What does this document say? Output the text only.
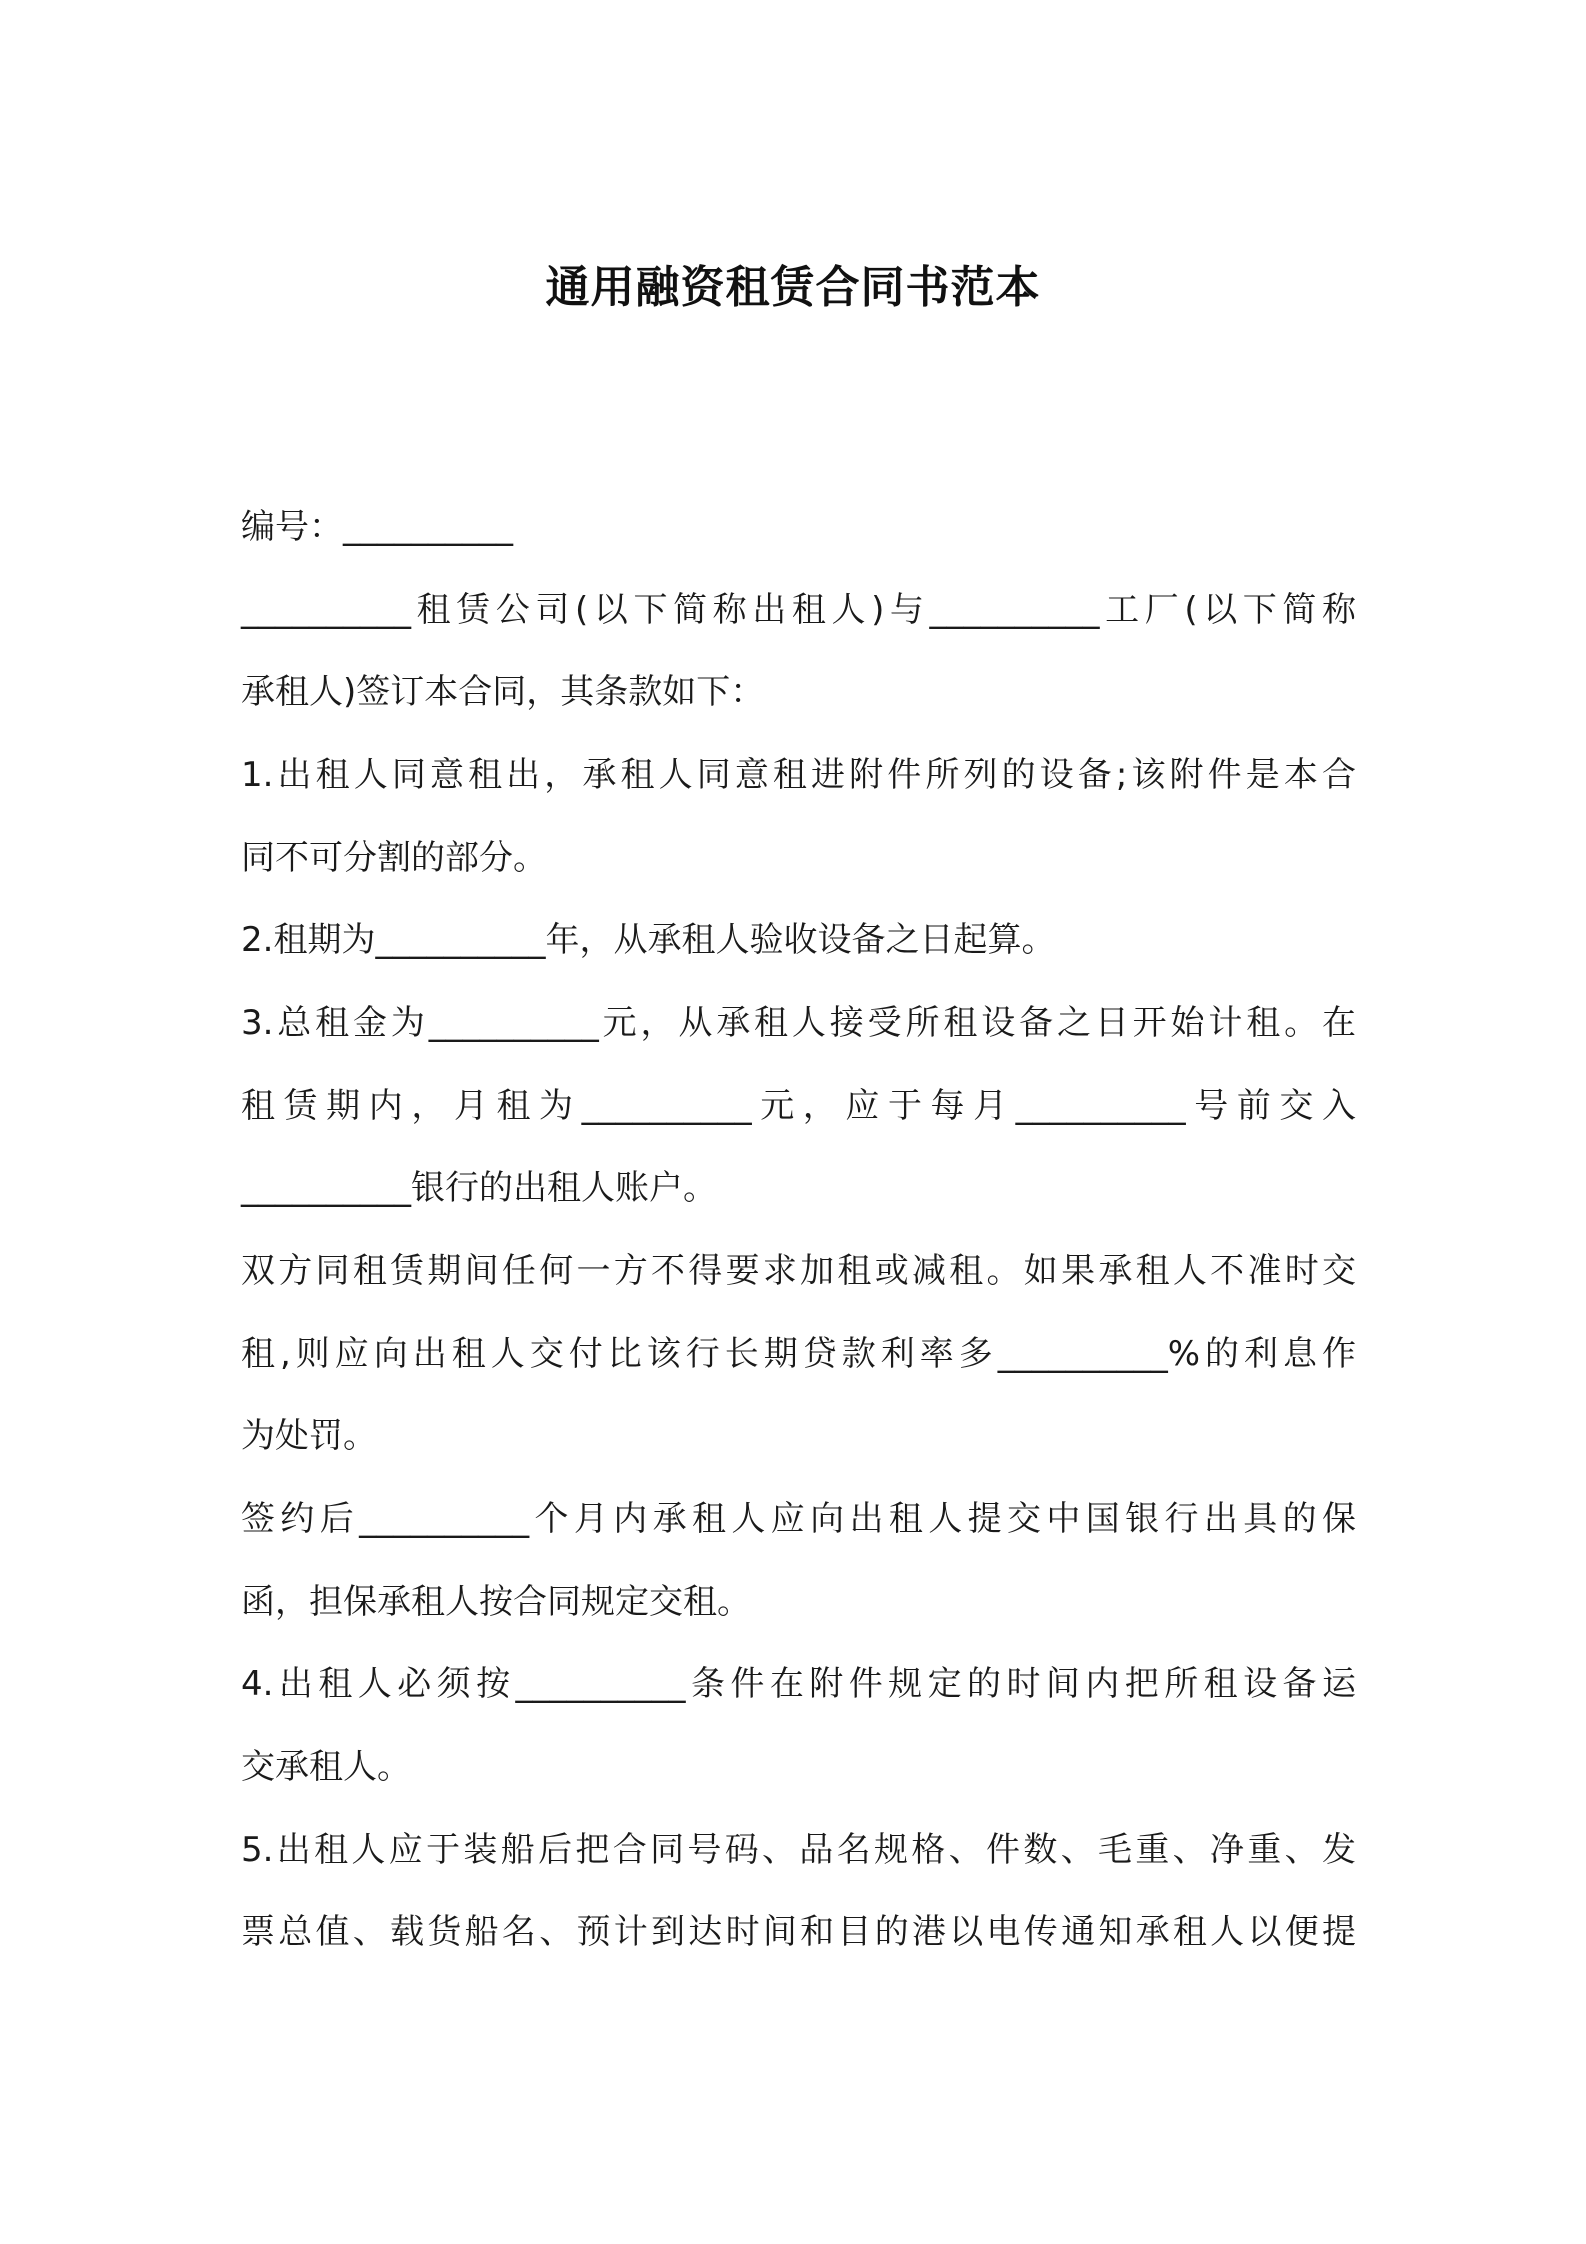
通用融资租赁合同书范本
编号：__________
__________租赁公司(以下简称出租人)与__________工厂(以下简称
承租人)签订本合同，其条款如下：
1.出租人同意租出，承租人同意租进附件所列的设备;该附件是本合
同不可分割的部分。
2.租期为__________年，从承租人验收设备之日起算。
3.总租金为__________元，从承租人接受所租设备之日开始计租。在
租赁期内，月租为__________元，应于每月__________号前交入
__________银行的出租人账户。
双方同租赁期间任何一方不得要求加租或减租。如果承租人不准时交
租,则应向出租人交付比该行长期贷款利率多__________%的利息作
为处罚。
签约后__________个月内承租人应向出租人提交中国银行出具的保
函，担保承租人按合同规定交租。
4.出租人必须按__________条件在附件规定的时间内把所租设备运
交承租人。
5.出租人应于装船后把合同号码、品名规格、件数、毛重、净重、发
票总值、载货船名、预计到达时间和目的港以电传通知承租人以便提
